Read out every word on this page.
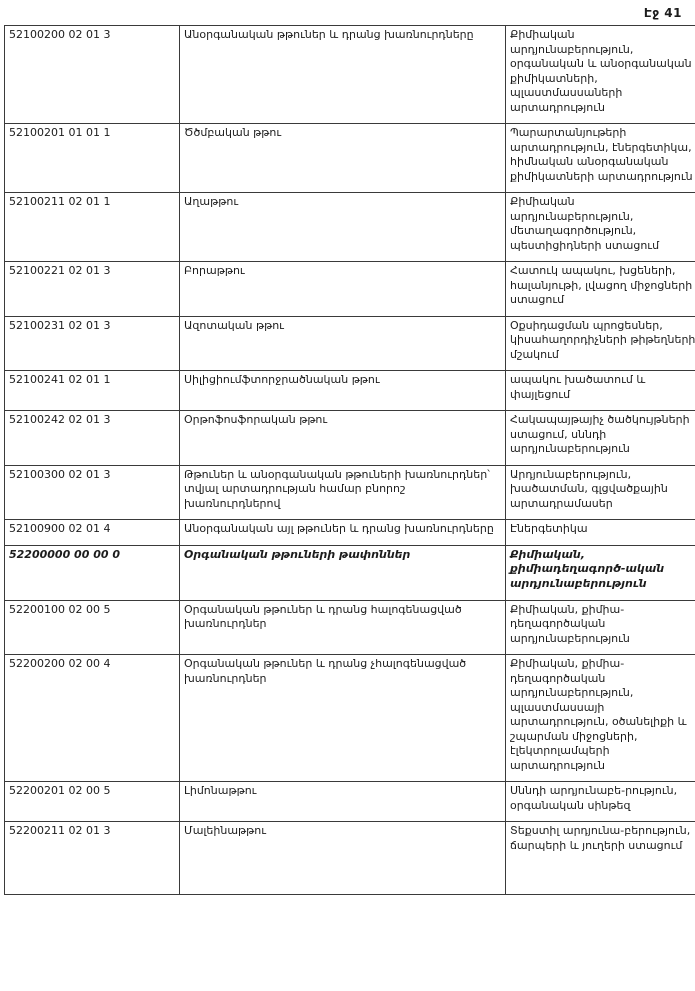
Էջ 41
52100200 02 01 3	Անօրգանական թթուներ և դրանց խառնուրդները	Քիմիական արդյունաբերություն, օրգանական և անօրգանական քիմիկատների, պլաստմասսաների արտադրություն
52100201 01 01 1	Ծծմբական թթու	Պարարտանյութերի արտադրություն, էներգետիկա, հիմնական անօրգանական քիմիկատների արտադրություն
52100211 02 01 1	Աղաթթու	Քիմիական արդյունաբերություն, մետաղագործություն, պեստիցիդների ստացում
52100221 02 01 3	Բորաթթու	Հատուկ ապակու, խցեների, հալանյութի, լվացող միջոցների ստացում
52100231 02 01 3	Ազոտական թթու	Օքսիդացման պրոցեսներ, կիսահաղորդիչների թիթեղների մշակում
52100241 02 01 1	Սիլիցիումֆտորջրածնական թթու	ապակու խածատում և փայլեցում
52100242 02 01 3	Օրթոֆոսֆորական թթու	Հակապայթայիչ ծածկույթների ստացում, սննդի արդյունաբերություն
52100300 02 01 3	Թթուներ և անօրգանական թթուների խառնուրդներ՝ տվյալ արտադրության համար բնորոշ խառնուրդներով	Արդյունաբերություն, խածատման, գլցվածքային արտադրամասեր
52100900 02 01 4	Անօրգանական այլ թթուներ և դրանց խառնուրդները	Էներգետիկա
52200000 00 00 0	Օրգանական թթուների թափոններ	Քիմիական, քիմիադեղագործ-ական արդյունաբերություն
52200100 02 00 5	Օրգանական թթուներ և դրանց հալոգենացված խառնուրդներ	Քիմիական, քիմիա-դեղագործական արդյունաբերություն
52200200 02 00 4	Օրգանական թթուներ և դրանց չհալոգենացված խառնուրդներ	Քիմիական, քիմիա-դեղագործական արդյունաբերություն, պլաստմասսայի արտադրություն, օծանելիքի և շպարման միջոցների, էլեկտրոլամպերի արտադրություն
52200201 02 00 5	Լիմոնաթթու	Սննդի արդյունաբե-րություն, օրգանական սինթեզ
52200211 02 01 3	Մալեինաթթու	Տեքստիլ արդյունա-բերություն, ճարպերի և յուղերի ստացում
